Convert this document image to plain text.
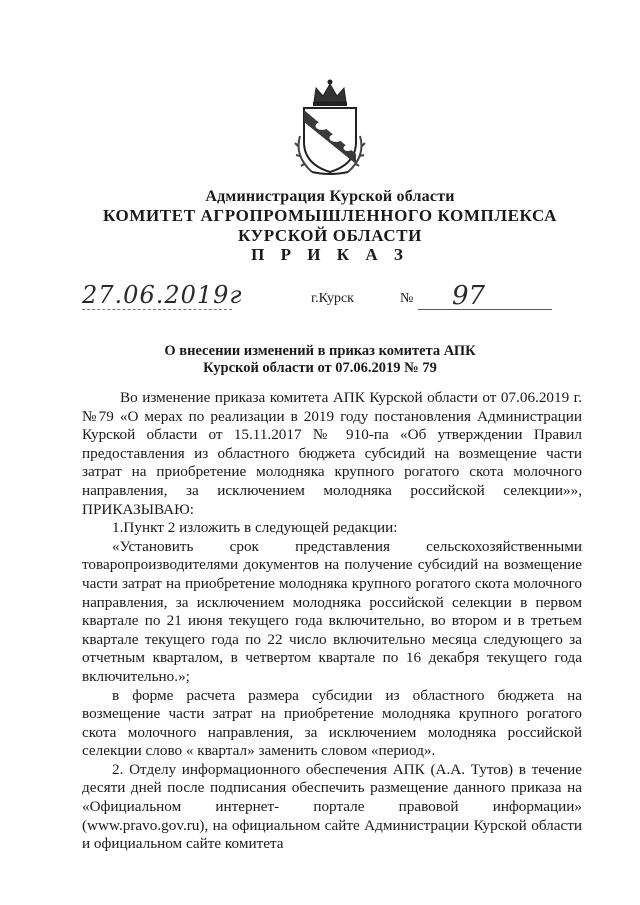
Администрация Курской области
КОМИТЕТ АГРОПРОМЫШЛЕННОГО КОМПЛЕКСА
КУРСКОЙ ОБЛАСТИ
П Р И К А З
27.06.2019г	г.Курск	№ 97
О внесении изменений в приказ комитета АПК
Курской области от 07.06.2019 № 79

Во изменение приказа комитета АПК Курской области от 07.06.2019 г. №79 «О мерах по реализации в 2019 году постановления Администрации Курской области от 15.11.2017 № 910-па «Об утверждении Правил предоставления из областного бюджета субсидий на возмещение части затрат на приобретение молодняка крупного рогатого скота молочного направления, за исключением молодняка российской селекции»», ПРИКАЗЫВАЮ:

1.Пункт 2 изложить в следующей редакции:

«Установить срок представления сельскохозяйственными товаропроизводителями документов на получение субсидий на возмещение части затрат на приобретение молодняка крупного рогатого скота молочного направления, за исключением молодняка российской селекции в первом квартале по 21 июня текущего года включительно, во втором и в третьем квартале текущего года по 22 число включительно месяца следующего за отчетным кварталом, в четвертом квартале по 16 декабря текущего года включительно.»;

в форме расчета размера субсидии из областного бюджета на возмещение части затрат на приобретение молодняка крупного рогатого скота молочного направления, за исключением молодняка российской селекции слово « квартал» заменить словом «период».

2. Отделу информационного обеспечения АПК (А.А. Тутов) в течение десяти дней после подписания обеспечить размещение данного приказа на «Официальном интернет- портале правовой информации» (www.pravo.gov.ru), на официальном сайте Администрации Курской области и официальном сайте комитета
